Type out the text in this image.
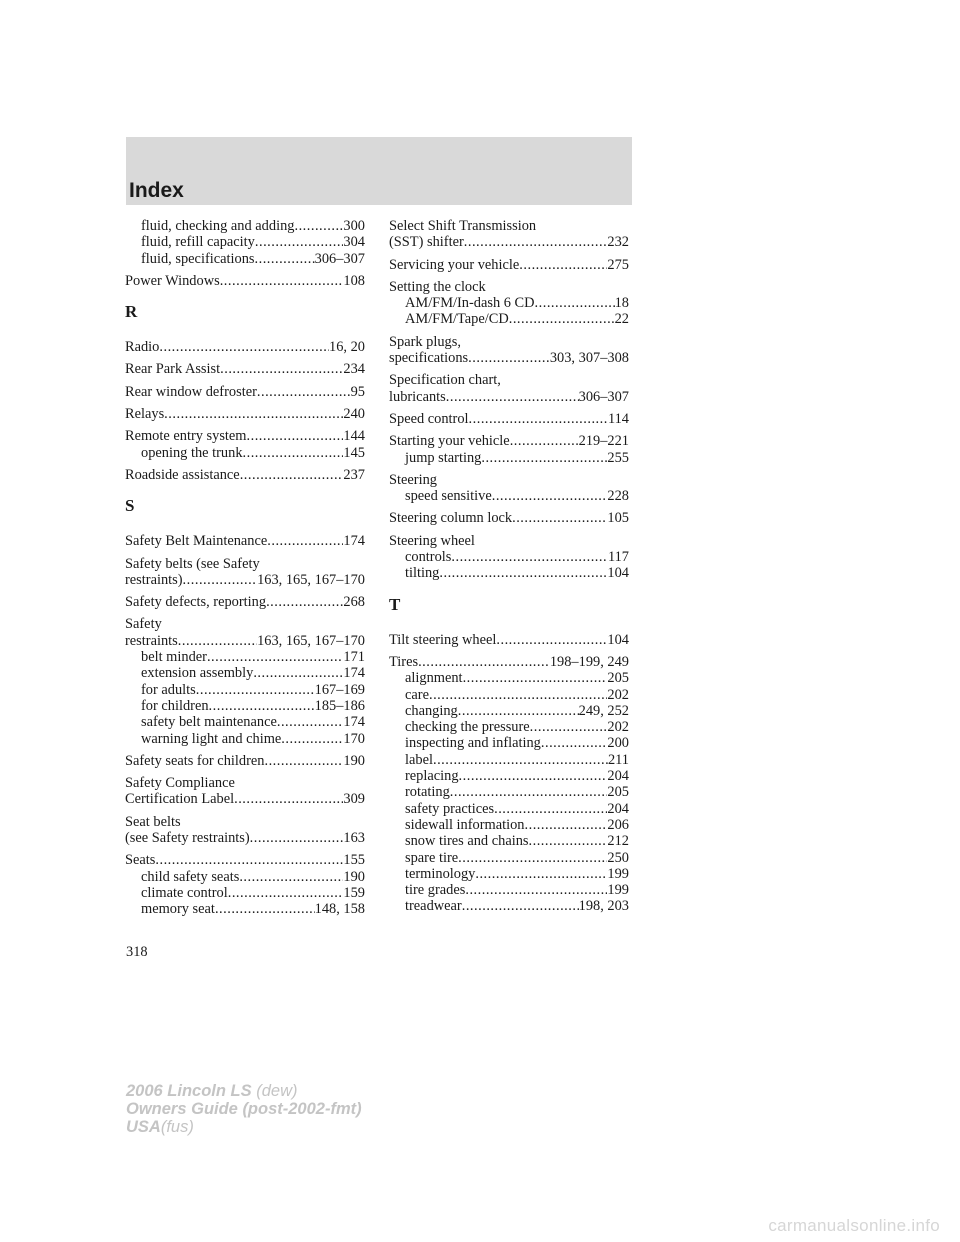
Index
fluid, checking and adding .....	300
fluid, refill capacity .....	304
fluid, specifications .....	306–307
Power Windows .....	108
R
Radio .....	16, 20
Rear Park Assist .....	234
Rear window defroster .....	95
Relays .....	240
Remote entry system .....	144
opening the trunk .....	145
Roadside assistance .....	237
S
Safety Belt Maintenance .....	174
Safety belts (see Safety
restraints) .....	163, 165, 167–170
Safety defects, reporting .....	268
Safety
restraints .....	163, 165, 167–170
belt minder .....	171
extension assembly .....	174
for adults .....	167–169
for children .....	185–186
safety belt maintenance .....	174
warning light and chime .....	170
Safety seats for children .....	190
Safety Compliance
Certification Label .....	309
Seat belts
(see Safety restraints) .....	163
Seats .....	155
child safety seats .....	190
climate control .....	159
memory seat .....	148, 158
Select Shift Transmission
(SST) shifter .....	232
Servicing your vehicle .....	275
Setting the clock
AM/FM/In-dash 6 CD .....	18
AM/FM/Tape/CD .....	22
Spark plugs,
specifications .....	303, 307–308
Specification chart,
lubricants .....	306–307
Speed control .....	114
Starting your vehicle .....	219–221
jump starting .....	255
Steering
speed sensitive .....	228
Steering column lock .....	105
Steering wheel
controls .....	117
tilting .....	104
T
Tilt steering wheel .....	104
Tires .....	198–199, 249
alignment .....	205
care .....	202
changing .....	249, 252
checking the pressure .....	202
inspecting and inflating .....	200
label .....	211
replacing .....	204
rotating .....	205
safety practices .....	204
sidewall information .....	206
snow tires and chains .....	212
spare tire .....	250
terminology .....	199
tire grades .....	199
treadwear .....	198, 203
318
2006 Lincoln LS (dew)
Owners Guide (post-2002-fmt)
USA(fus)
carmanualsonline.info
